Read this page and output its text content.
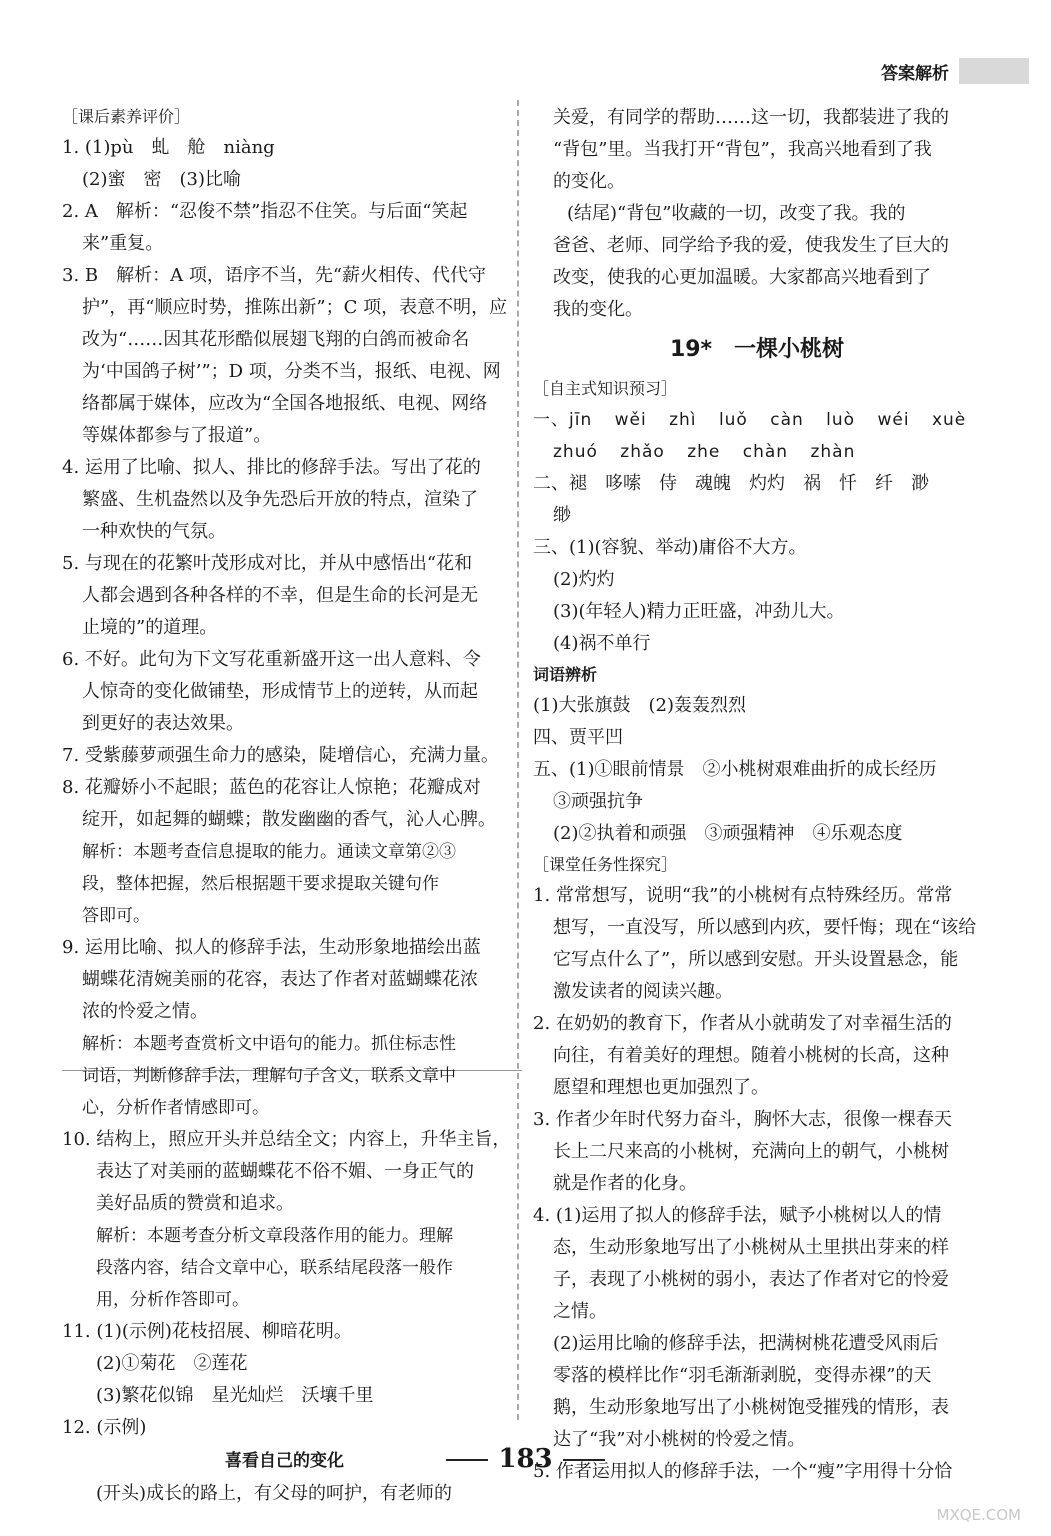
答案解析
［课后素养评价］
1. (1)pù　虬　舱　niàng
(2)蜜　密　(3)比喻
2. A　解析：“忍俊不禁”指忍不住笑。与后面“笑起
来”重复。
3. B　解析：A 项，语序不当，先“薪火相传、代代守
护”，再“顺应时势，推陈出新”；C 项，表意不明，应
改为“……因其花形酷似展翅飞翔的白鸽而被命名
为‘中国鸽子树’”；D 项，分类不当，报纸、电视、网
络都属于媒体，应改为“全国各地报纸、电视、网络
等媒体都参与了报道”。
4. 运用了比喻、拟人、排比的修辞手法。写出了花的
繁盛、生机盎然以及争先恐后开放的特点，渲染了
一种欢快的气氛。
5. 与现在的花繁叶茂形成对比，并从中感悟出“花和
人都会遇到各种各样的不幸，但是生命的长河是无
止境的”的道理。
6. 不好。此句为下文写花重新盛开这一出人意料、令
人惊奇的变化做铺垫，形成情节上的逆转，从而起
到更好的表达效果。
7. 受紫藤萝顽强生命力的感染，陡增信心，充满力量。
8. 花瓣娇小不起眼；蓝色的花容让人惊艳；花瓣成对
绽开，如起舞的蝴蝶；散发幽幽的香气，沁人心脾。
解析：本题考查信息提取的能力。通读文章第②③
段，整体把握，然后根据题干要求提取关键句作
答即可。
9. 运用比喻、拟人的修辞手法，生动形象地描绘出蓝
蝴蝶花清婉美丽的花容，表达了作者对蓝蝴蝶花浓
浓的怜爱之情。
解析：本题考查赏析文中语句的能力。抓住标志性
词语，判断修辞手法，理解句子含义，联系文章中
心，分析作者情感即可。
10. 结构上，照应开头并总结全文；内容上，升华主旨，
表达了对美丽的蓝蝴蝶花不俗不媚、一身正气的
美好品质的赞赏和追求。
解析：本题考查分析文章段落作用的能力。理解
段落内容，结合文章中心，联系结尾段落一般作
用，分析作答即可。
11. (1)(示例)花枝招展、柳暗花明。
(2)①菊花　②莲花
(3)繁花似锦　星光灿烂　沃壤千里
12. (示例)
喜看自己的变化
(开头)成长的路上，有父母的呵护，有老师的
关爱，有同学的帮助……这一切，我都装进了我的
“背包”里。当我打开“背包”，我高兴地看到了我
的变化。
(结尾)“背包”收藏的一切，改变了我。我的
爸爸、老师、同学给予我的爱，使我发生了巨大的
改变，使我的心更加温暖。大家都高兴地看到了
我的变化。
19*　一棵小桃树
［自主式知识预习］
一、jīn wěi zhì luǒ càn luò wéi xuè
zhuó zhǎo zhe chàn zhàn
二、褪　哆嗦　侍　魂魄　灼灼　祸　忏　纤　渺
缈
三、(1)(容貌、举动)庸俗不大方。
(2)灼灼
(3)(年轻人)精力正旺盛，冲劲儿大。
(4)祸不单行
词语辨析
(1)大张旗鼓　(2)轰轰烈烈
四、贾平凹
五、(1)①眼前情景　②小桃树艰难曲折的成长经历
③顽强抗争
(2)②执着和顽强　③顽强精神　④乐观态度
［课堂任务性探究］
1. 常常想写，说明“我”的小桃树有点特殊经历。常常
想写，一直没写，所以感到内疚，要忏悔；现在“该给
它写点什么了”，所以感到安慰。开头设置悬念，能
激发读者的阅读兴趣。
2. 在奶奶的教育下，作者从小就萌发了对幸福生活的
向往，有着美好的理想。随着小桃树的长高，这种
愿望和理想也更加强烈了。
3. 作者少年时代努力奋斗，胸怀大志，很像一棵春天
长上二尺来高的小桃树，充满向上的朝气，小桃树
就是作者的化身。
4. (1)运用了拟人的修辞手法，赋予小桃树以人的情
态，生动形象地写出了小桃树从土里拱出芽来的样
子，表现了小桃树的弱小，表达了作者对它的怜爱
之情。
(2)运用比喻的修辞手法，把满树桃花遭受风雨后
零落的模样比作“羽毛渐渐剥脱，变得赤裸”的天
鹅，生动形象地写出了小桃树饱受摧残的情形，表
达了“我”对小桃树的怜爱之情。
5. 作者运用拟人的修辞手法，一个“瘦”字用得十分恰
183
MXQE.COM
